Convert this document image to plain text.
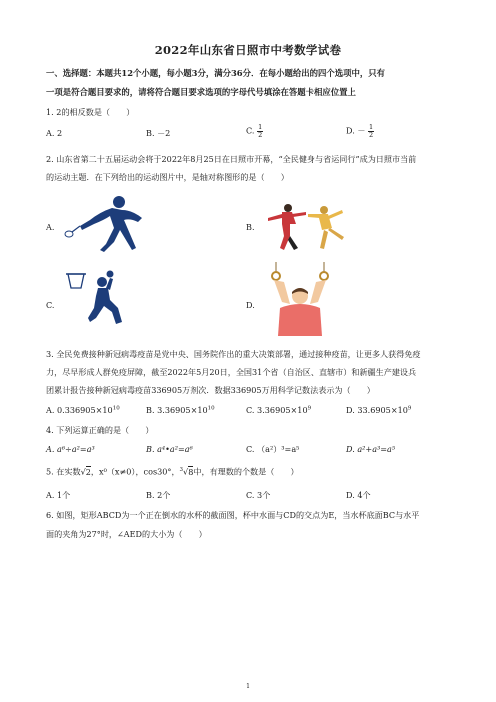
2022年山东省日照市中考数学试卷
一、选择题：本题共12个小题，每小题3分，满分36分．在每小题给出的四个选项中，只有
一项是符合题目要求的，请将符合题目要求选项的字母代号填涂在答题卡相应位置上
1. 2的相反数是（　　）
A. 2	B. －2	C. $\frac{1}{2}$	D. － $\frac{1}{2}$
2. 山东省第二十五届运动会将于2022年8月25日在日照市开幕，“全民健身与省运同行”成为日照市当前
的运动主题．在下列给出的运动图片中，是轴对称图形的是（　　）
A.	B.
C.	D.
3. 全民免费接种新冠病毒疫苗是党中央、国务院作出的重大决策部署，通过接种疫苗，让更多人获得免疫
力，尽早形成人群免疫屏障，截至2022年5月20日，全国31个省（自治区、直辖市）和新疆生产建设兵
团累计报告接种新冠病毒疫苗336905万剂次．数据336905万用科学记数法表示为（　　）
A. $0.336905\times 10^{10}$	B. $3.36905\times 10^{10}$	C. $3.36905\times 10^9$	D. $33.6905\times 10^9$
4. 下列运算正确的是（　　）
A. a⁶÷a²=a³	B. a⁴•a²=a⁶	C. （a²）³=a⁵	D. a²+a³=a⁵
5. 在实数√2，x⁰（x≠0），cos30°，$^3$√8中，有理数的个数是（　　）
A. 1个	B. 2个	C. 3个	D. 4个
6. 如图，矩形ABCD为一个正在倒水的水杯的截面图，杯中水面与CD的交点为E，当水杯底面BC与水平
面的夹角为27°时，∠AED的大小为（　　）
1
